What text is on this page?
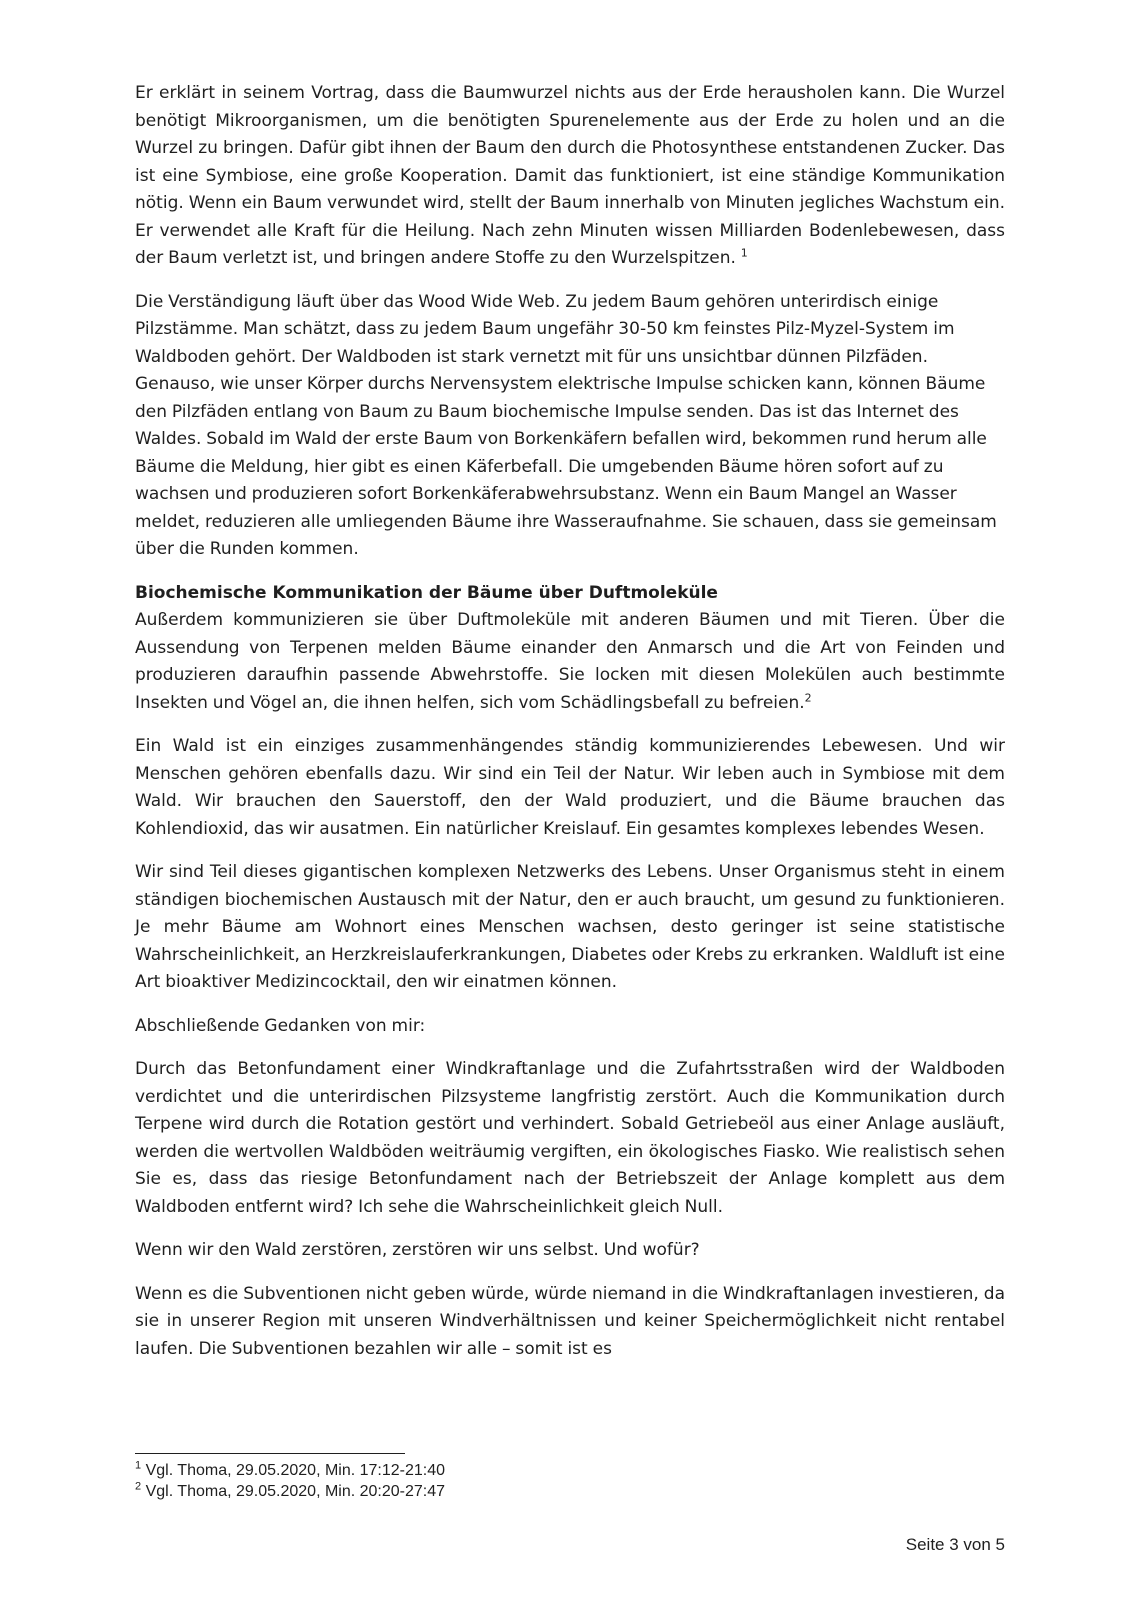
Er erklärt in seinem Vortrag, dass die Baumwurzel nichts aus der Erde herausholen kann. Die Wurzel benötigt Mikroorganismen, um die benötigten Spurenelemente aus der Erde zu holen und an die Wurzel zu bringen. Dafür gibt ihnen der Baum den durch die Photosynthese entstandenen Zucker. Das ist eine Symbiose, eine große Kooperation. Damit das funktioniert, ist eine ständige Kommunikation nötig. Wenn ein Baum verwundet wird, stellt der Baum innerhalb von Minuten jegliches Wachstum ein. Er verwendet alle Kraft für die Heilung. Nach zehn Minuten wissen Milliarden Bodenlebewesen, dass der Baum verletzt ist, und bringen andere Stoffe zu den Wurzelspitzen. $^1$

Die Verständigung läuft über das Wood Wide Web. Zu jedem Baum gehören unterirdisch einige Pilzstämme. Man schätzt, dass zu jedem Baum ungefähr 30-50 km feinstes Pilz-Myzel-System im Waldboden gehört. Der Waldboden ist stark vernetzt mit für uns unsichtbar dünnen Pilzfäden. Genauso, wie unser Körper durchs Nervensystem elektrische Impulse schicken kann, können Bäume den Pilzfäden entlang von Baum zu Baum biochemische Impulse senden. Das ist das Internet des Waldes. Sobald im Wald der erste Baum von Borkenkäfern befallen wird, bekommen rund herum alle Bäume die Meldung, hier gibt es einen Käferbefall. Die umgebenden Bäume hören sofort auf zu wachsen und produzieren sofort Borkenkäferabwehrsubstanz. Wenn ein Baum Mangel an Wasser meldet, reduzieren alle umliegenden Bäume ihre Wasseraufnahme. Sie schauen, dass sie gemeinsam über die Runden kommen.

Biochemische Kommunikation der Bäume über Duftmoleküle

Außerdem kommunizieren sie über Duftmoleküle mit anderen Bäumen und mit Tieren. Über die Aussendung von Terpenen melden Bäume einander den Anmarsch und die Art von Feinden und produzieren daraufhin passende Abwehrstoffe. Sie locken mit diesen Molekülen auch bestimmte Insekten und Vögel an, die ihnen helfen, sich vom Schädlingsbefall zu befreien.$^2$

Ein Wald ist ein einziges zusammenhängendes ständig kommunizierendes Lebewesen. Und wir Menschen gehören ebenfalls dazu. Wir sind ein Teil der Natur. Wir leben auch in Symbiose mit dem Wald. Wir brauchen den Sauerstoff, den der Wald produziert, und die Bäume brauchen das Kohlendioxid, das wir ausatmen. Ein natürlicher Kreislauf. Ein gesamtes komplexes lebendes Wesen.

Wir sind Teil dieses gigantischen komplexen Netzwerks des Lebens. Unser Organismus steht in einem ständigen biochemischen Austausch mit der Natur, den er auch braucht, um gesund zu funktionieren. Je mehr Bäume am Wohnort eines Menschen wachsen, desto geringer ist seine statistische Wahrscheinlichkeit, an Herzkreislauferkrankungen, Diabetes oder Krebs zu erkranken. Waldluft ist eine Art bioaktiver Medizincocktail, den wir einatmen können.

Abschließende Gedanken von mir:

Durch das Betonfundament einer Windkraftanlage und die Zufahrtsstraßen wird der Waldboden verdichtet und die unterirdischen Pilzsysteme langfristig zerstört. Auch die Kommunikation durch Terpene wird durch die Rotation gestört und verhindert. Sobald Getriebeöl aus einer Anlage ausläuft, werden die wertvollen Waldböden weiträumig vergiften, ein ökologisches Fiasko. Wie realistisch sehen Sie es, dass das riesige Betonfundament nach der Betriebszeit der Anlage komplett aus dem Waldboden entfernt wird? Ich sehe die Wahrscheinlichkeit gleich Null.

Wenn wir den Wald zerstören, zerstören wir uns selbst. Und wofür?

Wenn es die Subventionen nicht geben würde, würde niemand in die Windkraftanlagen investieren, da sie in unserer Region mit unseren Windverhältnissen und keiner Speichermöglichkeit nicht rentabel laufen. Die Subventionen bezahlen wir alle – somit ist es

$^1$ Vgl. Thoma, 29.05.2020, Min. 17:12-21:40
$^2$ Vgl. Thoma, 29.05.2020, Min. 20:20-27:47
Seite 3 von 5
